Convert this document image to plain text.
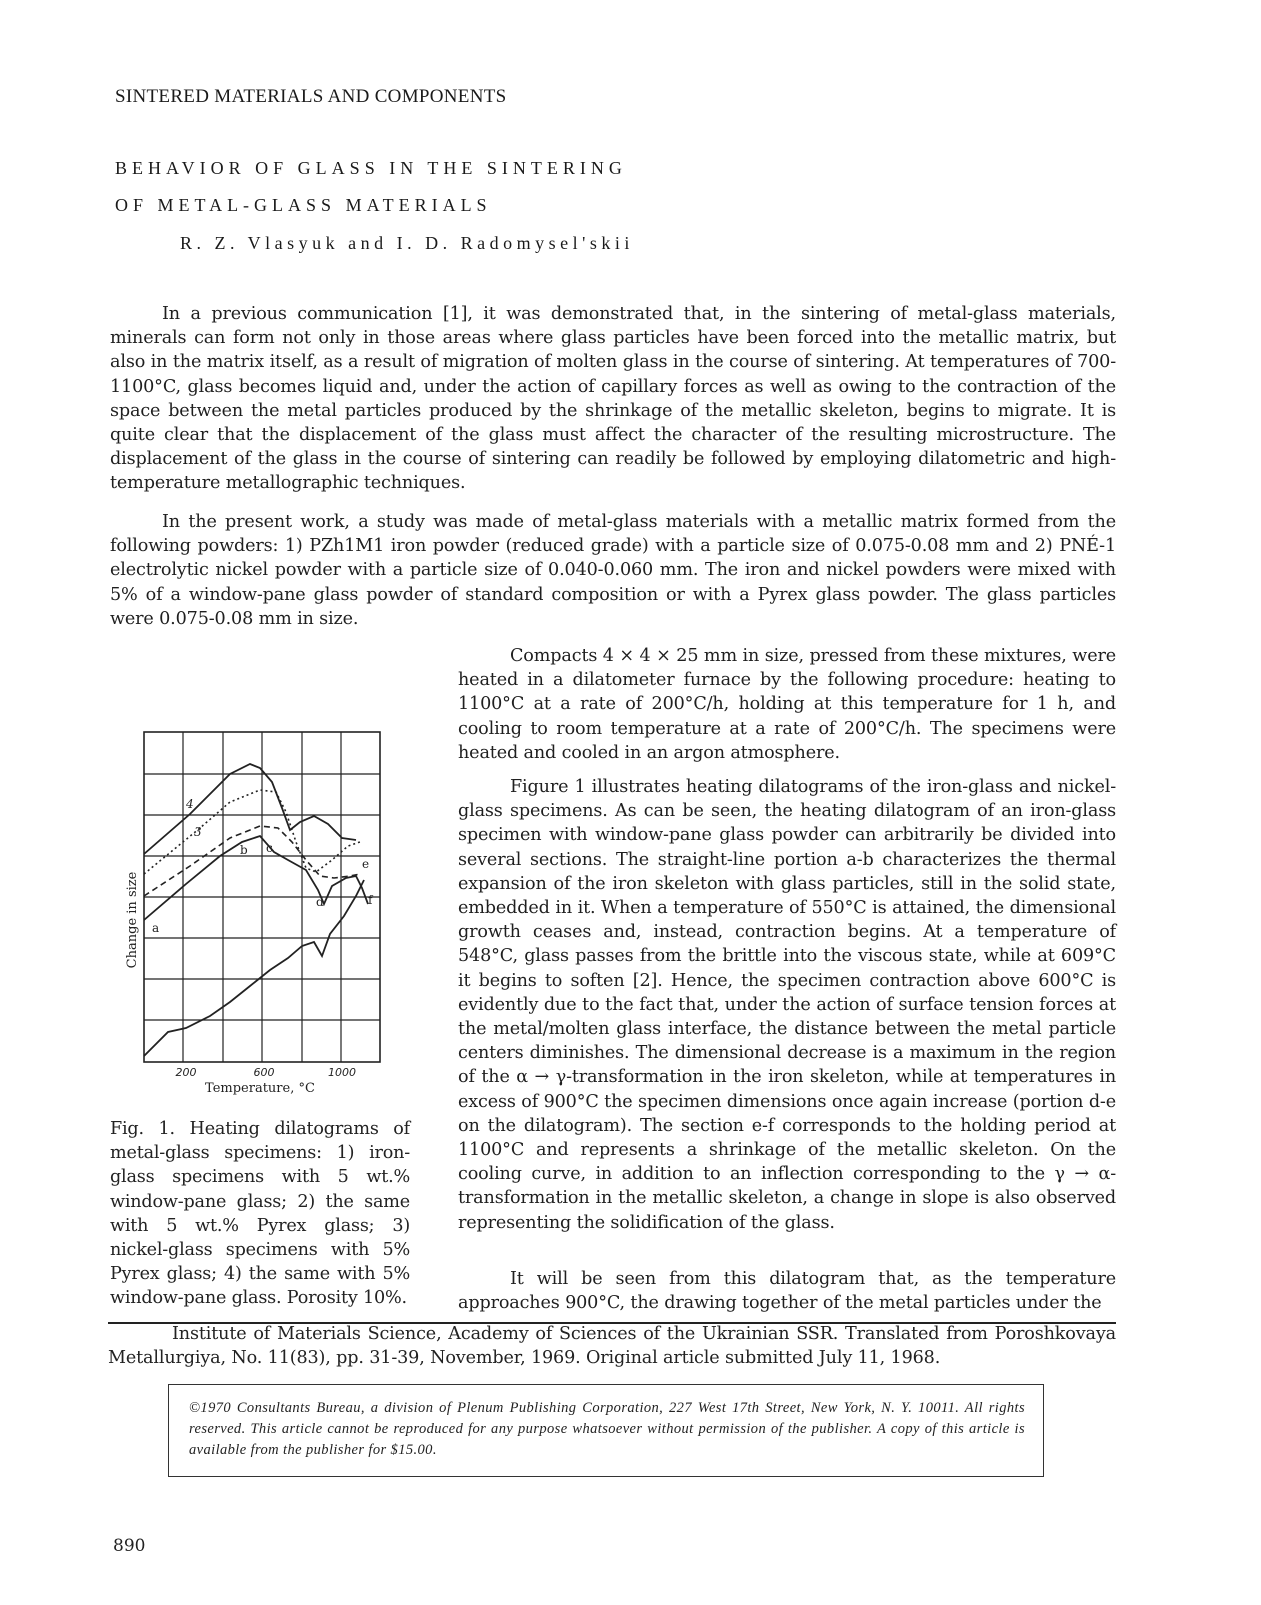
SINTERED MATERIALS AND COMPONENTS
BEHAVIOR OF GLASS IN THE SINTERING
OF METAL-GLASS MATERIALS
R. Z. Vlasyuk and I. D. Radomysel'skii
In a previous communication [1], it was demonstrated that, in the sintering of metal-glass materials, minerals can form not only in those areas where glass particles have been forced into the metallic matrix, but also in the matrix itself, as a result of migration of molten glass in the course of sintering. At temperatures of 700-1100°C, glass becomes liquid and, under the action of capillary forces as well as owing to the contraction of the space between the metal particles produced by the shrinkage of the metallic skeleton, begins to migrate. It is quite clear that the displacement of the glass must affect the character of the resulting microstructure. The displacement of the glass in the course of sintering can readily be followed by employing dilatometric and high-temperature metallographic techniques.
In the present work, a study was made of metal-glass materials with a metallic matrix formed from the following powders: 1) PZh1M1 iron powder (reduced grade) with a particle size of 0.075-0.08 mm and 2) PNÉ-1 electrolytic nickel powder with a particle size of 0.040-0.060 mm. The iron and nickel powders were mixed with 5% of a window-pane glass powder of standard composition or with a Pyrex glass powder. The glass particles were 0.075-0.08 mm in size.
a
b c
d
e
f
3
4
200	600	1000
Temperature, °C
Change in size
Fig. 1. Heating dilatograms of metal-glass specimens: 1) iron-glass specimens with 5 wt.% window-pane glass; 2) the same with 5 wt.% Pyrex glass; 3) nickel-glass specimens with 5% Pyrex glass; 4) the same with 5% window-pane glass. Porosity 10%.
Compacts 4 × 4 × 25 mm in size, pressed from these mixtures, were heated in a dilatometer furnace by the following procedure: heating to 1100°C at a rate of 200°C/h, holding at this temperature for 1 h, and cooling to room temperature at a rate of 200°C/h. The specimens were heated and cooled in an argon atmosphere.
Figure 1 illustrates heating dilatograms of the iron-glass and nickel-glass specimens. As can be seen, the heating dilatogram of an iron-glass specimen with window-pane glass powder can arbitrarily be divided into several sections. The straight-line portion a-b characterizes the thermal expansion of the iron skeleton with glass particles, still in the solid state, embedded in it. When a temperature of 550°C is attained, the dimensional growth ceases and, instead, contraction begins. At a temperature of 548°C, glass passes from the brittle into the viscous state, while at 609°C it begins to soften [2]. Hence, the specimen contraction above 600°C is evidently due to the fact that, under the action of surface tension forces at the metal/molten glass interface, the distance between the metal particle centers diminishes. The dimensional decrease is a maximum in the region of the α → γ-transformation in the iron skeleton, while at temperatures in excess of 900°C the specimen dimensions once again increase (portion d-e on the dilatogram). The section e-f corresponds to the holding period at 1100°C and represents a shrinkage of the metallic skeleton. On the cooling curve, in addition to an inflection corresponding to the γ → α-transformation in the metallic skeleton, a change in slope is also observed representing the solidification of the glass.
It will be seen from this dilatogram that, as the temperature approaches 900°C, the drawing together of the metal particles under the
Institute of Materials Science, Academy of Sciences of the Ukrainian SSR. Translated from Poroshkovaya Metallurgiya, No. 11(83), pp. 31-39, November, 1969. Original article submitted July 11, 1968.
©1970 Consultants Bureau, a division of Plenum Publishing Corporation, 227 West 17th Street, New York, N. Y. 10011. All rights reserved. This article cannot be reproduced for any purpose whatsoever without permission of the publisher. A copy of this article is available from the publisher for $15.00.
890
